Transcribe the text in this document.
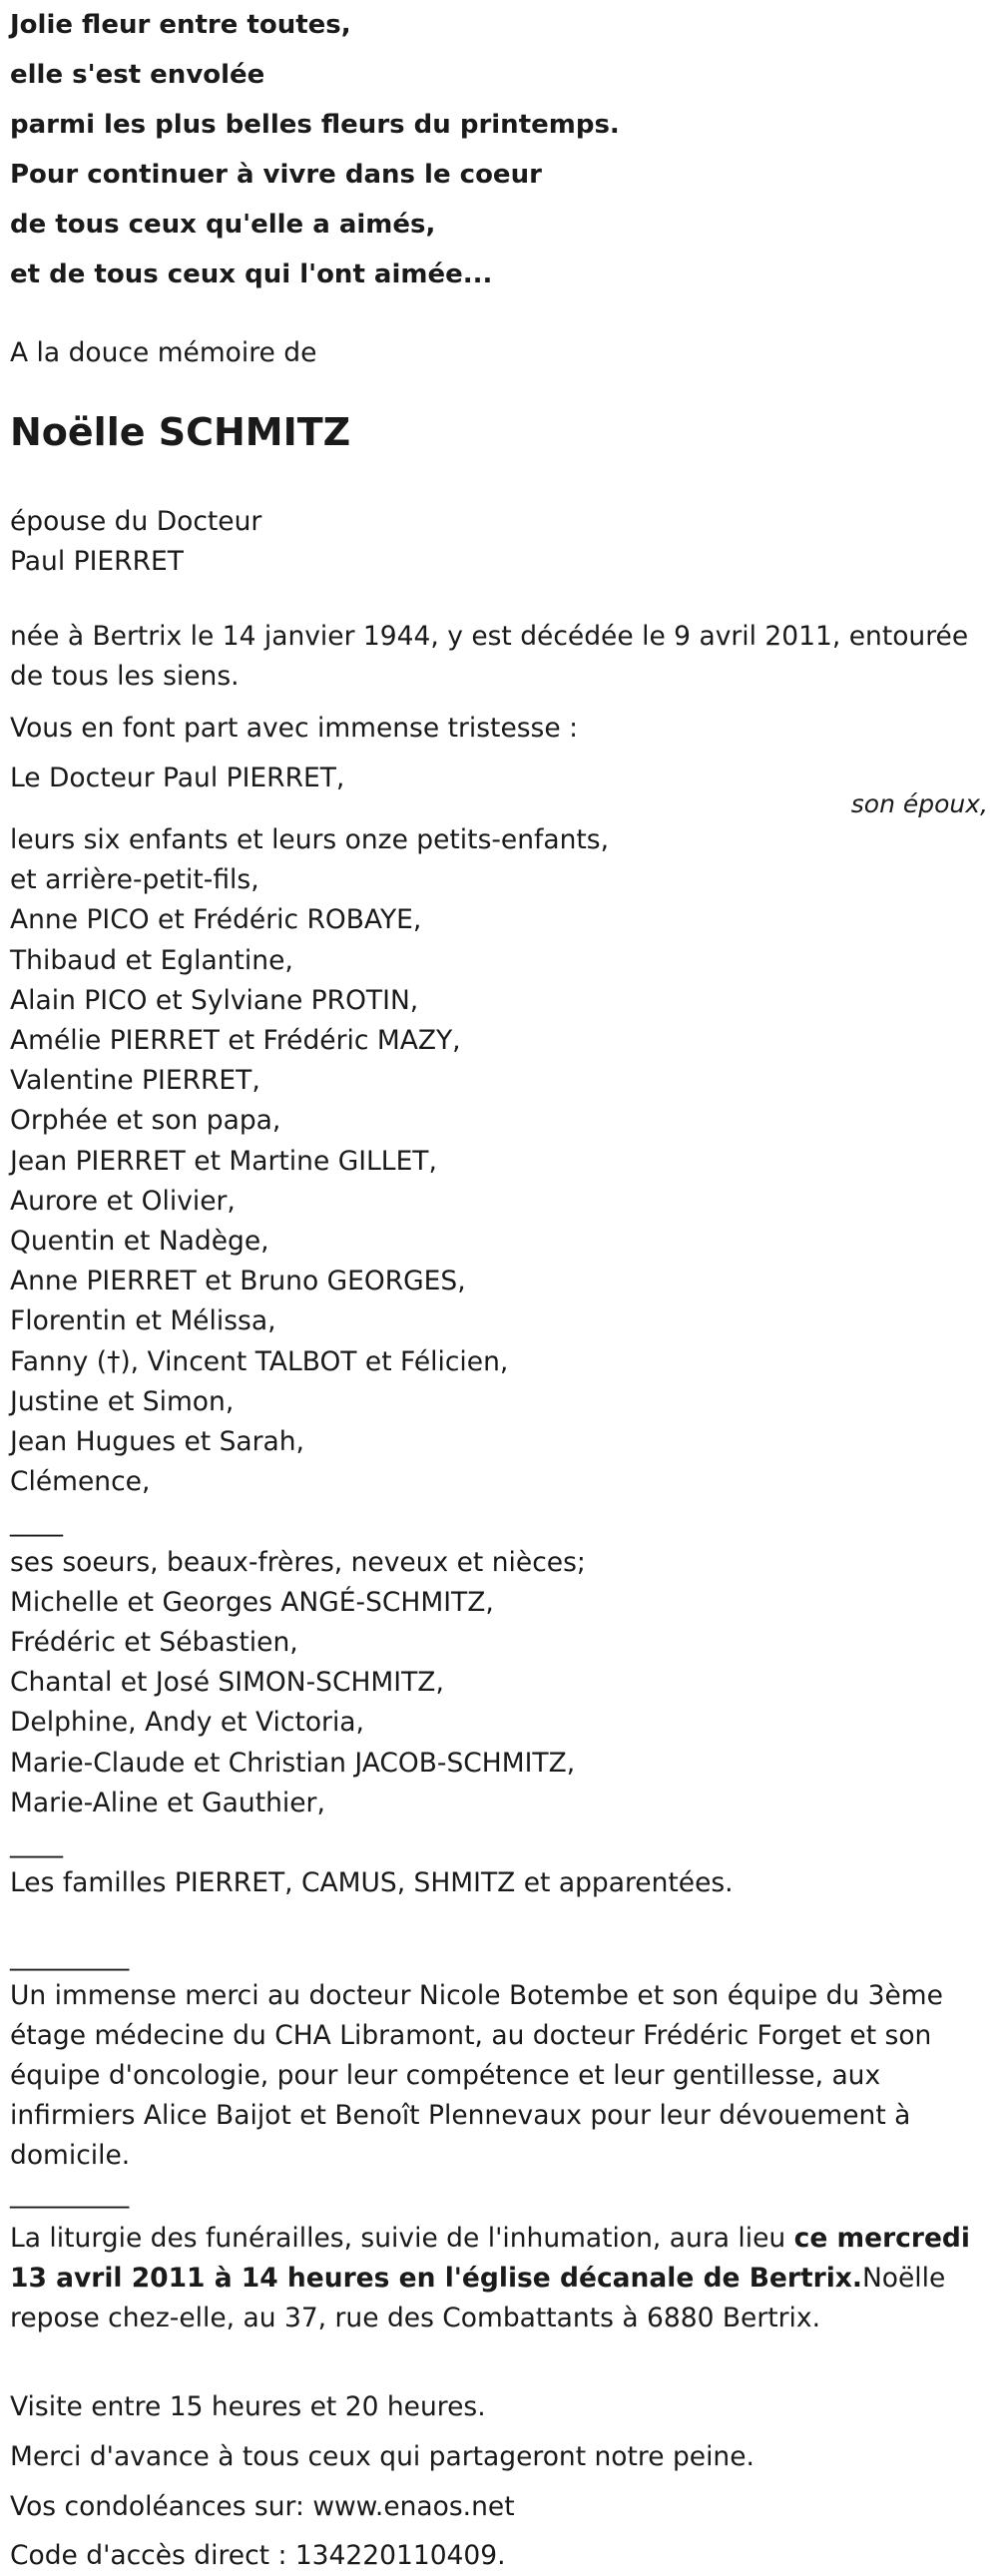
Jolie fleur entre toutes,
elle s'est envolée
parmi les plus belles fleurs du printemps.
Pour continuer à vivre dans le coeur
de tous ceux qu'elle a aimés,
et de tous ceux qui l'ont aimée...

A la douce mémoire de

Noëlle SCHMITZ
épouse du Docteur
Paul PIERRET

née à Bertrix le 14 janvier 1944, y est décédée le 9 avril 2011, entourée de tous les siens.

Vous en font part avec immense tristesse :

Le Docteur Paul PIERRET,

son époux,

leurs six enfants et leurs onze petits-enfants,
et arrière-petit-fils,
Anne PICO et Frédéric ROBAYE,
Thibaud et Eglantine,
Alain PICO et Sylviane PROTIN,
Amélie PIERRET et Frédéric MAZY,
Valentine PIERRET,
Orphée et son papa,
Jean PIERRET et Martine GILLET,
Aurore et Olivier,
Quentin et Nadège,
Anne PIERRET et Bruno GEORGES,
Florentin et Mélissa,
Fanny (†), Vincent TALBOT et Félicien,
Justine et Simon,
Jean Hugues et Sarah,
Clémence,
____
ses soeurs, beaux-frères, neveux et nièces;
Michelle et Georges ANGÉ-SCHMITZ,
Frédéric et Sébastien,
Chantal et José SIMON-SCHMITZ,
Delphine, Andy et Victoria,
Marie-Claude et Christian JACOB-SCHMITZ,
Marie-Aline et Gauthier,
____
Les familles PIERRET, CAMUS, SHMITZ et apparentées.

_________

Un immense merci au docteur Nicole Botembe et son équipe du 3ème étage médecine du CHA Libramont, au docteur Frédéric Forget et son équipe d'oncologie, pour leur compétence et leur gentillesse, aux infirmiers Alice Baijot et Benoît Plennevaux pour leur dévouement à domicile.

_________

La liturgie des funérailles, suivie de l'inhumation, aura lieu ce mercredi 13 avril 2011 à 14 heures en l'église décanale de Bertrix.Noëlle repose chez-elle, au 37, rue des Combattants à 6880 Bertrix.

Visite entre 15 heures et 20 heures.

Merci d'avance à tous ceux qui partageront notre peine.

Vos condoléances sur: www.enaos.net

Code d'accès direct : 134220110409.
